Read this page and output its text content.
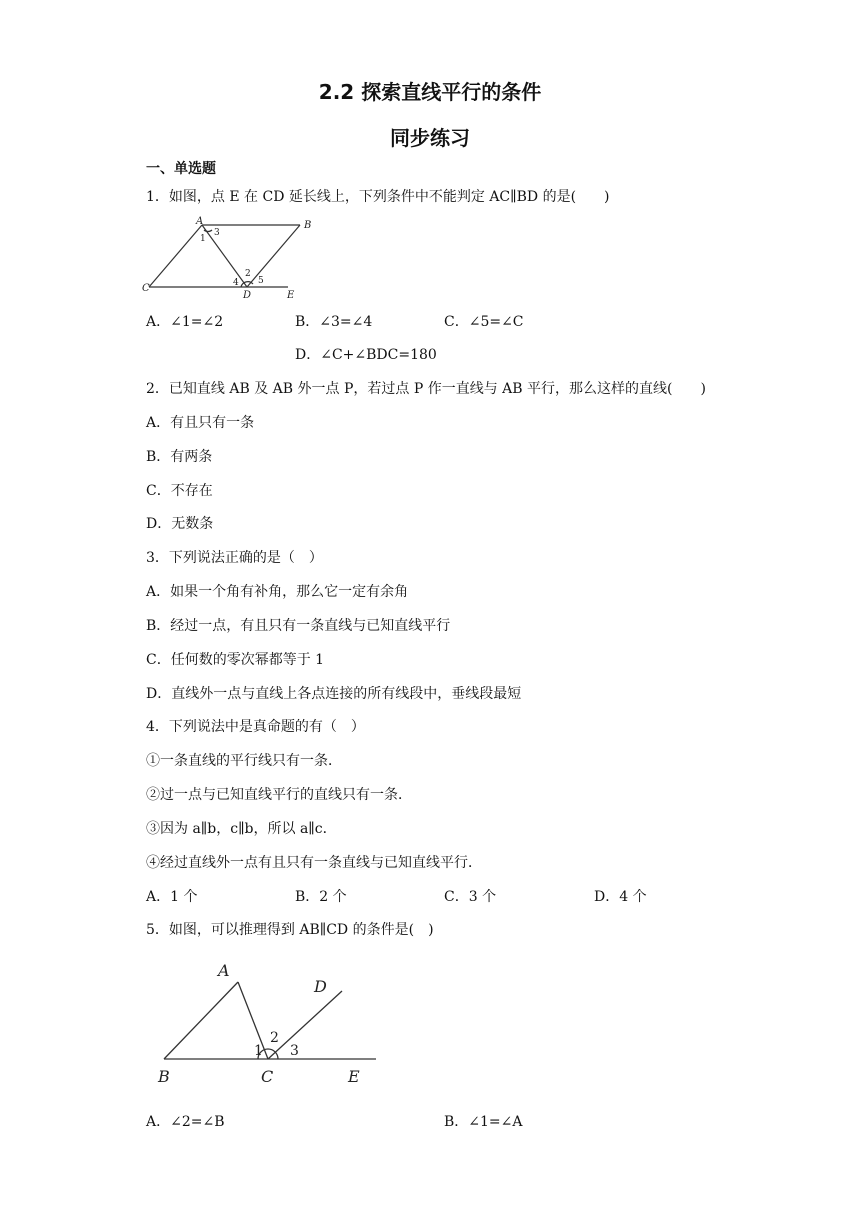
2.2 探索直线平行的条件
同步练习
一、单选题
1．如图，点 E 在 CD 延长线上，下列条件中不能判定 AC∥BD 的是(　　)
A	B
C
D	E
1
3
2
4 5
A．∠1=∠2	B．∠3=∠4	C．∠5=∠C
D．∠C+∠BDC=180
2．已知直线 AB 及 AB 外一点 P，若过点 P 作一直线与 AB 平行，那么这样的直线(　　)
A．有且只有一条
B．有两条
C．不存在
D．无数条
3．下列说法正确的是（　）
A．如果一个角有补角，那么它一定有余角
B．经过一点，有且只有一条直线与已知直线平行
C．任何数的零次幂都等于 1
D．直线外一点与直线上各点连接的所有线段中，垂线段最短
4．下列说法中是真命题的有（　）
①一条直线的平行线只有一条．
②过一点与已知直线平行的直线只有一条．
③因为 a∥b，c∥b，所以 a∥c．
④经过直线外一点有且只有一条直线与已知直线平行．
A．1 个	B．2 个	C．3 个	D．4 个
5．如图，可以推理得到 AB∥CD 的条件是(　)
A
B	C
D
E
1
2
3
A．∠2=∠B	B．∠1=∠A
